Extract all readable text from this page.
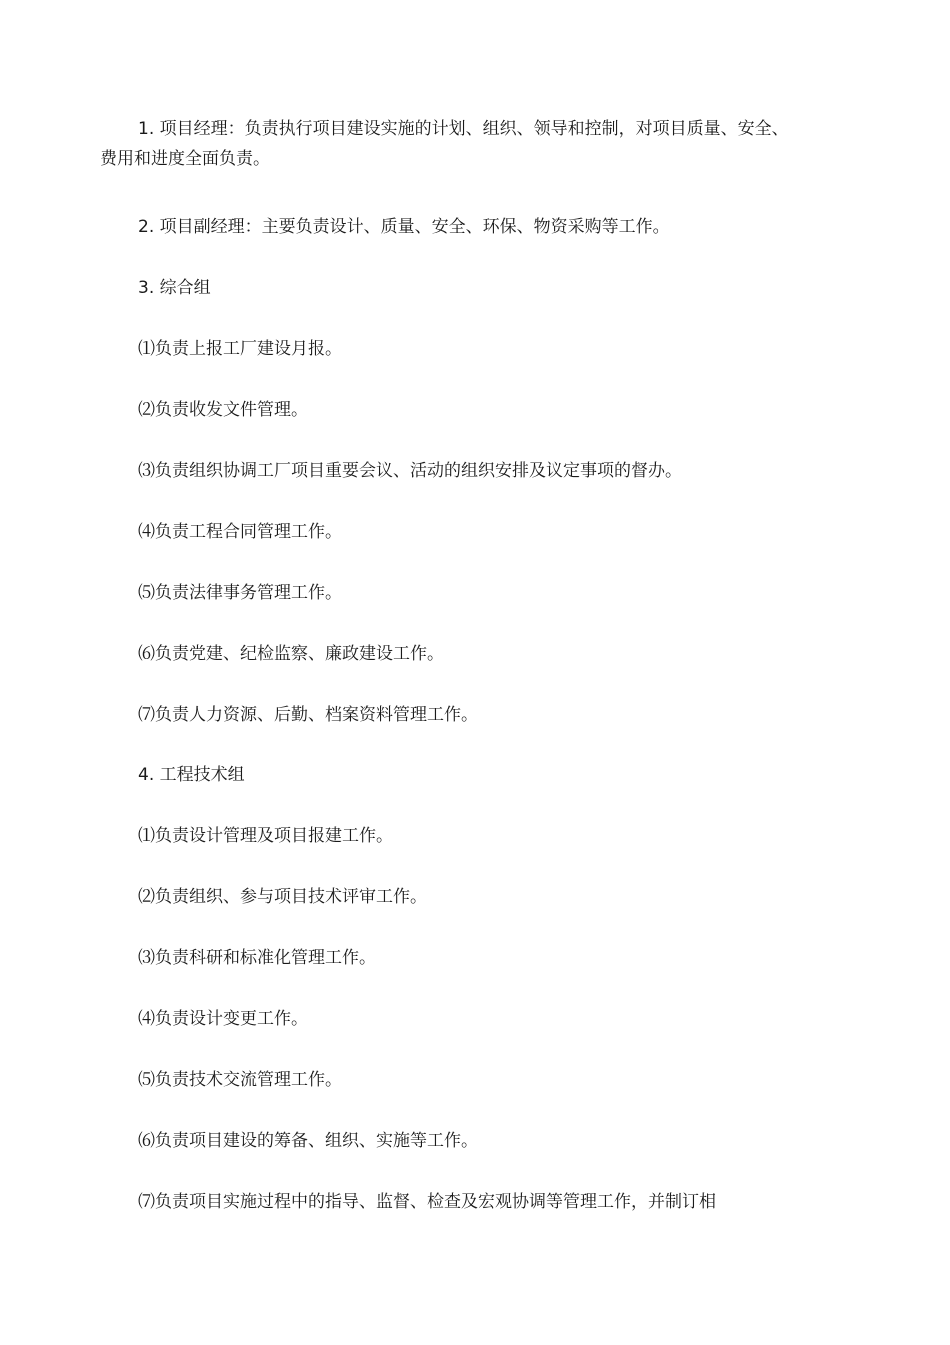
1. 项目经理：负责执行项目建设实施的计划、组织、领导和控制，对项目质量、安全、费用和进度全面负责。

2. 项目副经理：主要负责设计、质量、安全、环保、物资采购等工作。

3. 综合组

⑴负责上报工厂建设月报。

⑵负责收发文件管理。

⑶负责组织协调工厂项目重要会议、活动的组织安排及议定事项的督办。

⑷负责工程合同管理工作。

⑸负责法律事务管理工作。

⑹负责党建、纪检监察、廉政建设工作。

⑺负责人力资源、后勤、档案资料管理工作。

4. 工程技术组

⑴负责设计管理及项目报建工作。

⑵负责组织、参与项目技术评审工作。

⑶负责科研和标准化管理工作。

⑷负责设计变更工作。

⑸负责技术交流管理工作。

⑹负责项目建设的筹备、组织、实施等工作。

⑺负责项目实施过程中的指导、监督、检查及宏观协调等管理工作，并制订相
